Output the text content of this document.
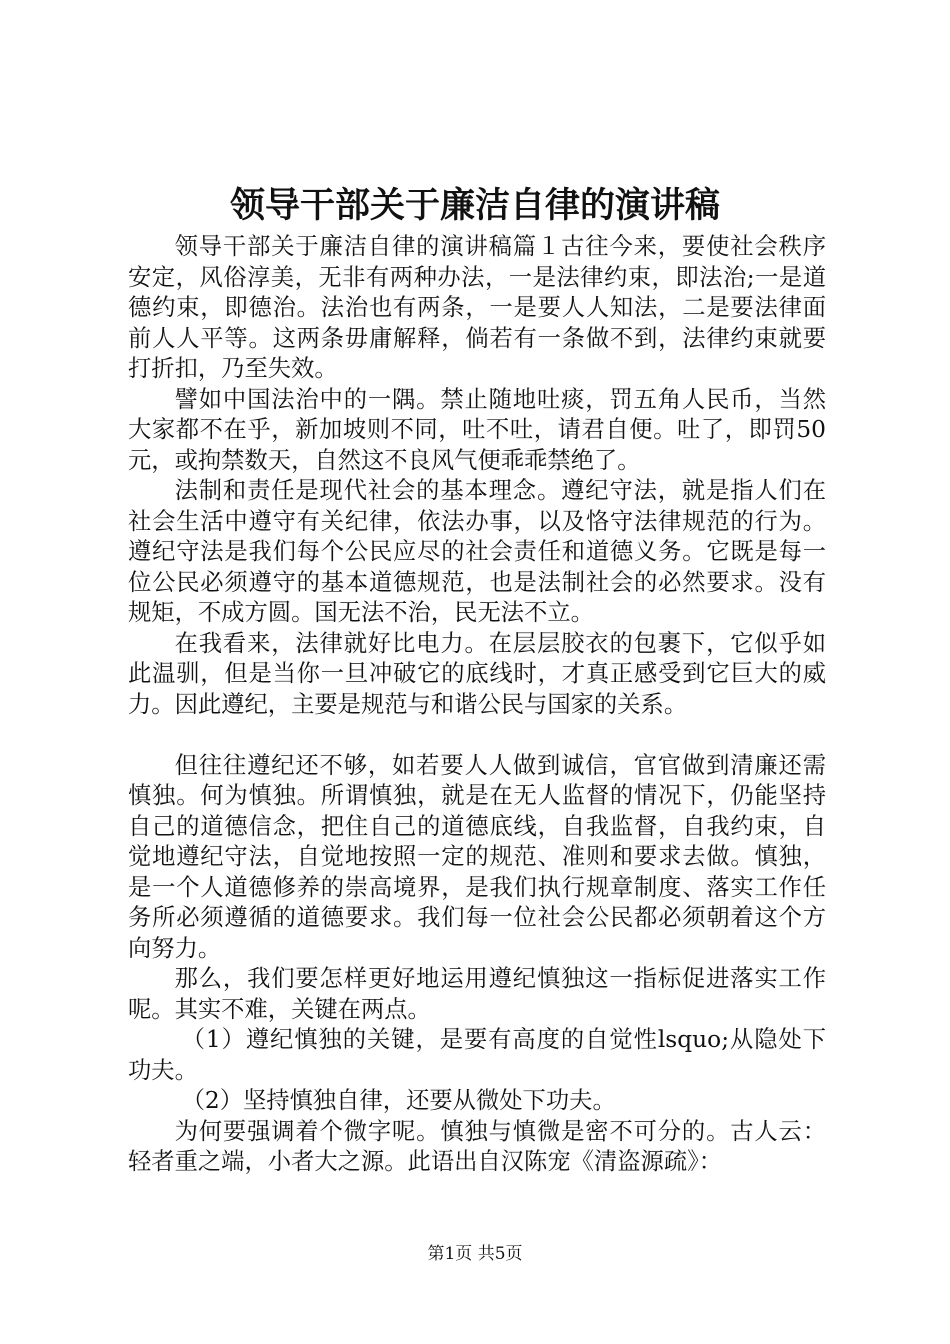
领导干部关于廉洁自律的演讲稿

领导干部关于廉洁自律的演讲稿篇１古往今来，要使社会秩序安定，风俗淳美，无非有两种办法，一是法律约束，即法治;一是道德约束，即德治。法治也有两条，一是要人人知法，二是要法律面前人人平等。这两条毋庸解释，倘若有一条做不到，法律约束就要打折扣，乃至失效。

譬如中国法治中的一隅。禁止随地吐痰，罚五角人民币，当然大家都不在乎，新加坡则不同，吐不吐，请君自便。吐了，即罚50元，或拘禁数天，自然这不良风气便乖乖禁绝了。

法制和责任是现代社会的基本理念。遵纪守法，就是指人们在社会生活中遵守有关纪律，依法办事，以及恪守法律规范的行为。遵纪守法是我们每个公民应尽的社会责任和道德义务。它既是每一位公民必须遵守的基本道德规范，也是法制社会的必然要求。没有规矩，不成方圆。国无法不治，民无法不立。

在我看来，法律就好比电力。在层层胶衣的包裹下，它似乎如此温驯，但是当你一旦冲破它的底线时，才真正感受到它巨大的威力。因此遵纪，主要是规范与和谐公民与国家的关系。

但往往遵纪还不够，如若要人人做到诚信，官官做到清廉还需慎独。何为慎独。所谓慎独，就是在无人监督的情况下，仍能坚持自己的道德信念，把住自己的道德底线，自我监督，自我约束，自觉地遵纪守法，自觉地按照一定的规范、准则和要求去做。慎独，是一个人道德修养的崇高境界，是我们执行规章制度、落实工作任务所必须遵循的道德要求。我们每一位社会公民都必须朝着这个方向努力。

那么，我们要怎样更好地运用遵纪慎独这一指标促进落实工作呢。其实不难，关键在两点。

（1）遵纪慎独的关键，是要有高度的自觉性lsquo;从隐处下功夫。

（2）坚持慎独自律，还要从微处下功夫。

为何要强调着个微字呢。慎独与慎微是密不可分的。古人云：轻者重之端，小者大之源。此语出自汉陈宠《清盗源疏》：

第1页 共5页
